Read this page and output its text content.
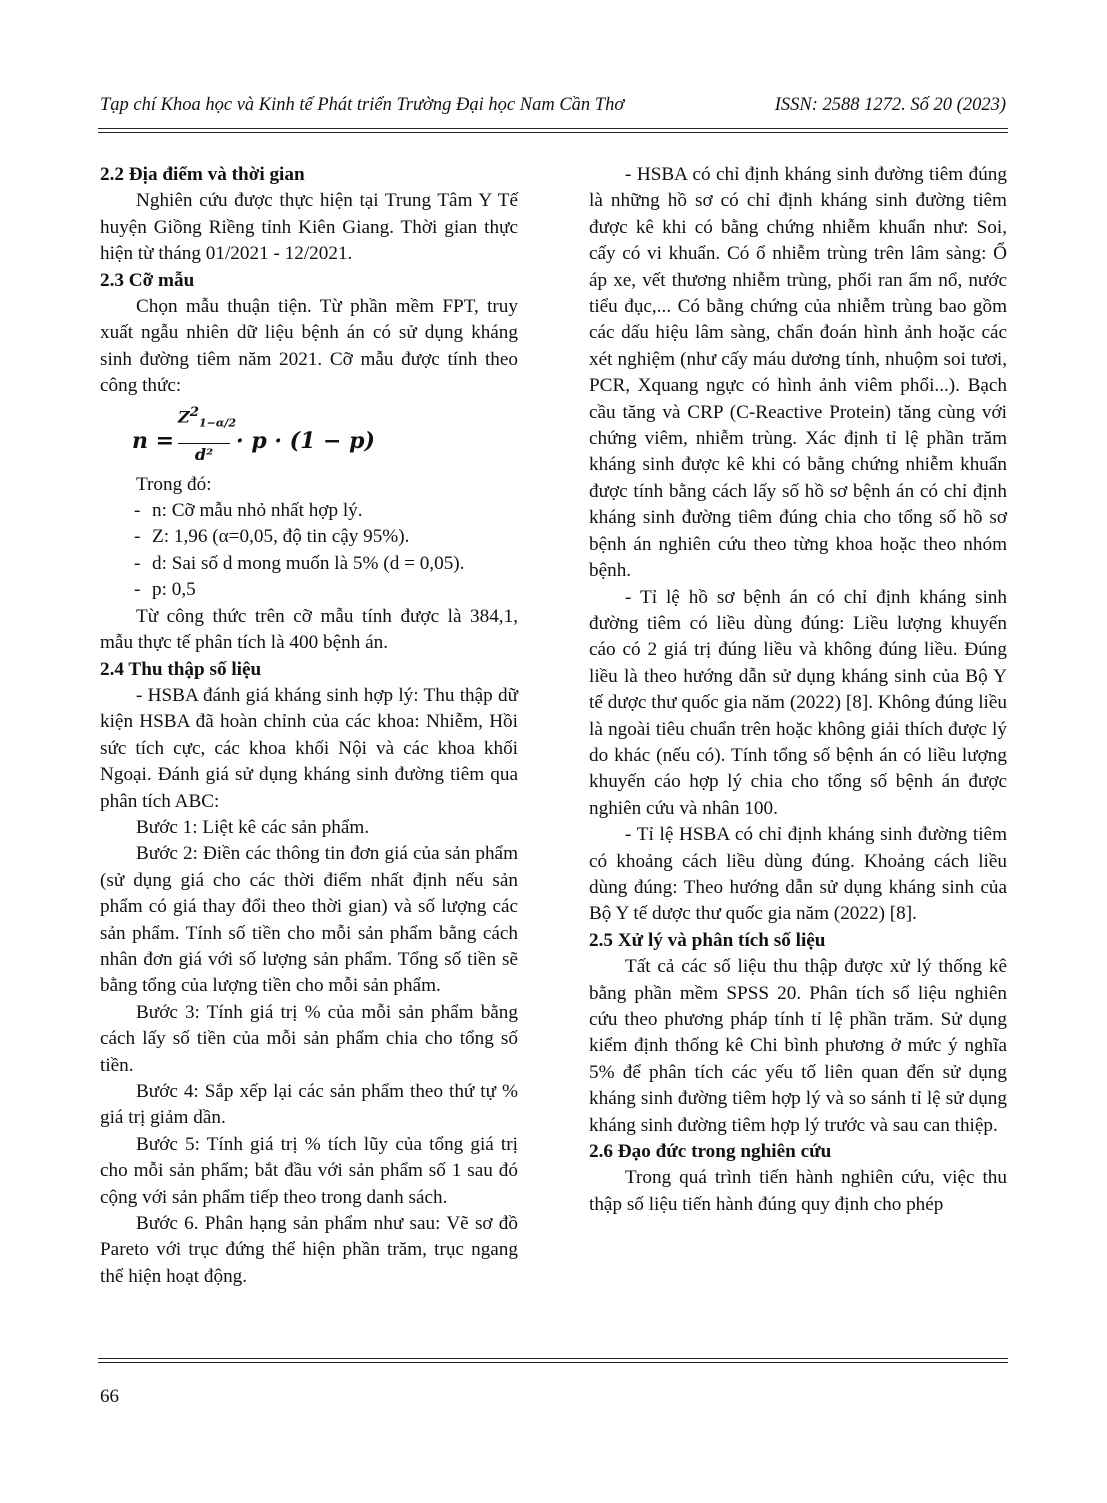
Tạp chí Khoa học và Kinh tế Phát triển Trường Đại học Nam Cần Thơ	ISSN: 2588 1272. Số 20 (2023)
2.2 Địa điểm và thời gian

Nghiên cứu được thực hiện tại Trung Tâm Y Tế huyện Giồng Riềng tỉnh Kiên Giang. Thời gian thực hiện từ tháng 01/2021 - 12/2021.

2.3 Cỡ mẫu

Chọn mẫu thuận tiện. Từ phần mềm FPT, truy xuất ngẫu nhiên dữ liệu bệnh án có sử dụng kháng sinh đường tiêm năm 2021. Cỡ mẫu được tính theo công thức:

n =
$Z^2_{1-\alpha/2}$
d²
· p · (1 − p)

Trong đó:

- n: Cỡ mẫu nhỏ nhất hợp lý.
- Z: 1,96 (α=0,05, độ tin cậy 95%).
- d: Sai số d mong muốn là 5% (d = 0,05).
- p: 0,5

Từ công thức trên cỡ mẫu tính được là 384,1, mẫu thực tế phân tích là 400 bệnh án.

2.4 Thu thập số liệu

- HSBA đánh giá kháng sinh hợp lý: Thu thập dữ kiện HSBA đã hoàn chỉnh của các khoa: Nhiễm, Hồi sức tích cực, các khoa khối Nội và các khoa khối Ngoại. Đánh giá sử dụng kháng sinh đường tiêm qua phân tích ABC:

Bước 1: Liệt kê các sản phẩm.

Bước 2: Điền các thông tin đơn giá của sản phẩm (sử dụng giá cho các thời điểm nhất định nếu sản phẩm có giá thay đổi theo thời gian) và số lượng các sản phẩm. Tính số tiền cho mỗi sản phẩm bằng cách nhân đơn giá với số lượng sản phẩm. Tổng số tiền sẽ bằng tổng của lượng tiền cho mỗi sản phẩm.

Bước 3: Tính giá trị % của mỗi sản phẩm bằng cách lấy số tiền của mỗi sản phẩm chia cho tổng số tiền.

Bước 4: Sắp xếp lại các sản phẩm theo thứ tự % giá trị giảm dần.

Bước 5: Tính giá trị % tích lũy của tổng giá trị cho mỗi sản phẩm; bắt đầu với sản phẩm số 1 sau đó cộng với sản phẩm tiếp theo trong danh sách.

Bước 6. Phân hạng sản phẩm như sau: Vẽ sơ đồ Pareto với trục đứng thể hiện phần trăm, trục ngang thể hiện hoạt động.

- HSBA có chỉ định kháng sinh đường tiêm đúng là những hồ sơ có chỉ định kháng sinh đường tiêm được kê khi có bằng chứng nhiễm khuẩn như: Soi, cấy có vi khuẩn. Có ổ nhiễm trùng trên lâm sàng: Ổ áp xe, vết thương nhiễm trùng, phổi ran ẩm nổ, nước tiểu đục,... Có bằng chứng của nhiễm trùng bao gồm các dấu hiệu lâm sàng, chẩn đoán hình ảnh hoặc các xét nghiệm (như cấy máu dương tính, nhuộm soi tươi, PCR, Xquang ngực có hình ảnh viêm phổi...). Bạch cầu tăng và CRP (C-Reactive Protein) tăng cùng với chứng viêm, nhiễm trùng. Xác định tỉ lệ phần trăm kháng sinh được kê khi có bằng chứng nhiễm khuẩn được tính bằng cách lấy số hồ sơ bệnh án có chỉ định kháng sinh đường tiêm đúng chia cho tổng số hồ sơ bệnh án nghiên cứu theo từng khoa hoặc theo nhóm bệnh.

- Tỉ lệ hồ sơ bệnh án có chỉ định kháng sinh đường tiêm có liều dùng đúng: Liều lượng khuyến cáo có 2 giá trị đúng liều và không đúng liều. Đúng liều là theo hướng dẫn sử dụng kháng sinh của Bộ Y tế dược thư quốc gia năm (2022) [8]. Không đúng liều là ngoài tiêu chuẩn trên hoặc không giải thích được lý do khác (nếu có). Tính tổng số bệnh án có liều lượng khuyến cáo hợp lý chia cho tổng số bệnh án được nghiên cứu và nhân 100.

- Tỉ lệ HSBA có chỉ định kháng sinh đường tiêm có khoảng cách liều dùng đúng. Khoảng cách liều dùng đúng: Theo hướng dẫn sử dụng kháng sinh của Bộ Y tế dược thư quốc gia năm (2022) [8].

2.5 Xử lý và phân tích số liệu

Tất cả các số liệu thu thập được xử lý thống kê bằng phần mềm SPSS 20. Phân tích số liệu nghiên cứu theo phương pháp tính tỉ lệ phần trăm. Sử dụng kiểm định thống kê Chi bình phương ở mức ý nghĩa 5% để phân tích các yếu tố liên quan đến sử dụng kháng sinh đường tiêm hợp lý và so sánh tỉ lệ sử dụng kháng sinh đường tiêm hợp lý trước và sau can thiệp.

2.6 Đạo đức trong nghiên cứu

Trong quá trình tiến hành nghiên cứu, việc thu thập số liệu tiến hành đúng quy định cho phép

66
